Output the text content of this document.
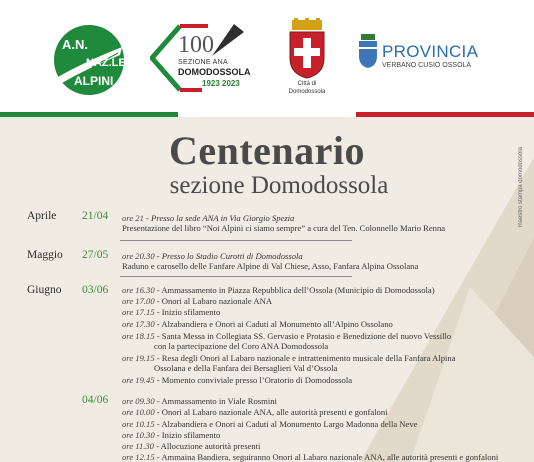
A.N.
NAZ.LE
ALPINI
100
SEZIONE ANA
DOMODOSSOLA
1923 2023	Città di
Domodossola
PROVINCIA
VERBANO CUSIO OSSOLA
Centenario
sezione Domodossola	maestro stampa domodossola
Aprile 21/04 ore 21 - Presso la sede ANA in Via Giorgio Spezia
Presentazione del libro “Noi Alpini ci siamo sempre” a cura del Ten. Colonnello Mario Renna
Maggio 27/05 ore 20.30 - Presso lo Stadio Curotti di Domodossola
Raduno e carosello delle Fanfare Alpine di Val Chiese, Asso, Fanfara Alpina Ossolana
Giugno 03/06 ore 16.30 - Ammassamento in Piazza Repubblica dell’Ossola (Municipio di Domodossola)
ore 17.00 - Onori al Labaro nazionale ANA
ore 17.15 - Inizio sfilamento
ore 17.30 - Alzabandiera e Onori ai Caduti al Monumento all’Alpino Ossolano
ore 18.15 - Santa Messa in Collegiata SS. Gervasio e Protasio e Benedizione del nuovo Vessillo
con la partecipazione del Coro ANA Domodossola
ore 19.15 - Resa degli Onori al Labaro nazionale e intrattenimento musicale della Fanfara Alpina
Ossolana e della Fanfara dei Bersaglieri Val d’Ossola
ore 19.45 - Momento conviviale presso l’Oratorio di Domodossola
04/06 ore 09.30 - Ammassamento in Viale Rosmini
ore 10.00 - Onori al Labaro nazionale ANA, alle autorità presenti e gonfaloni
ore 10.15 - Alzabandiera e Onori ai Caduti al Monumento Largo Madonna della Neve
ore 10.30 - Inizio sfilamento
ore 11.30 - Allocuzione autorità presenti
ore 12.15 - Ammaina Bandiera, seguiranno Onori al Labaro nazionale ANA, alle autorità presenti e gonfaloni
